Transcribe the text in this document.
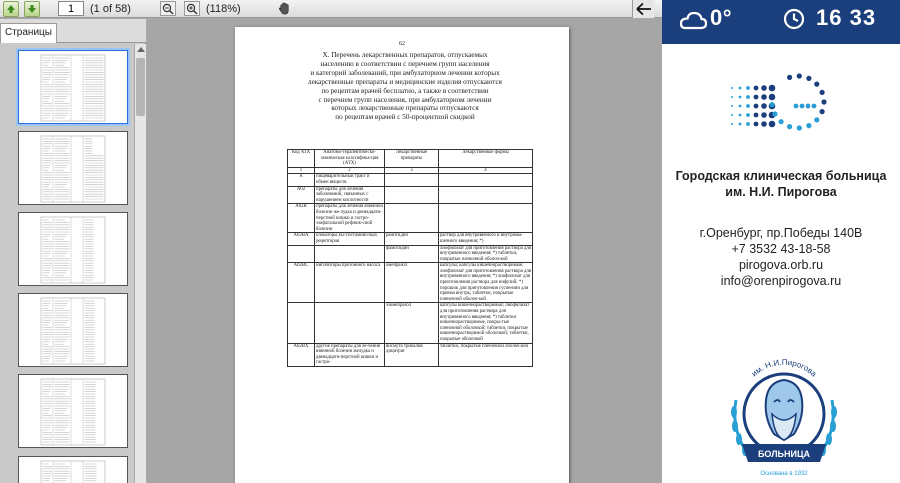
1
(1 of 58)	(118%)
Страницы
62
X. Перечень лекарственных препаратов, отпускаемых
населению в соответствии с перечнем групп населения
и категорий заболеваний, при амбулаторном лечении которых
лекарственные препараты и медицинские изделия отпускаются
по рецептам врачей бесплатно, а также в соответствии
с перечнем групп населения, при амбулаторном лечении
которых лекарственные препараты отпускаются
по рецептам врачей с 50-процентной скидкой
Код АТХ	Анатомо-терапевтическо-химическая классифика-ция (АТХ)	Лекарственные препараты	Лекарственные формы
1	2	3	4
A	пищеварительный тракт и обмен веществ		
A02	препараты для лечения заболеваний, связанных с нарушением кислотности		
A02B	препараты для лечения язвенной болезни же-лудка и двенадцати-перстной кишки и гастро-эзофагальной рефлюк-сной болезни		
A02BA	блокаторы H2-гистамино-вых рецепторов	ранитидин	раствор для внутривенного и внутримы-шечного введения; *)
		фамотидин	лиофилизат для приготовления раствора для внутривенного введения; *) таблетки, покрытые пленочной оболоч-кой
A02BC	ингибиторы протонного насоса	омепразол	капсулы; капсулы кишечнорастворимые; лиофилизат для приготовления раствора для внутривенного введения; *) лиофилизат для приготовления раствора для инфузий; *) порошок для приготовления суспензии для приема внутрь; таблетки, покрытые пленочной оболоч-кой
		эзомепразол	капсулы кишечнорастворимые; лиофилизат для приготовления раствора для внутривенного введения; *) таблетки кишечнорастворимые, покры-тые пленочной оболочкой; таблетки, покрытые кишечнорастворимой оболочкой; таблетки, покрытые оболочкой
A02BX	другие препараты для ле-чения язвенной болезни желудка и двенадцати-перстной кишки и гастро-	висмута трикалия дицитрат	таблетки, покрытые пленочной оболоч-кой
0°	16 33
Городская клиническая больница
им. Н.И. Пирогова
г.Оренбург, пр.Победы 140В
+7 3532 43-18-58
pirogova.orb.ru
info@orenpirogova.ru
им. Н.И.Пирогова
БОЛЬНИЦА
Основана в 1932
